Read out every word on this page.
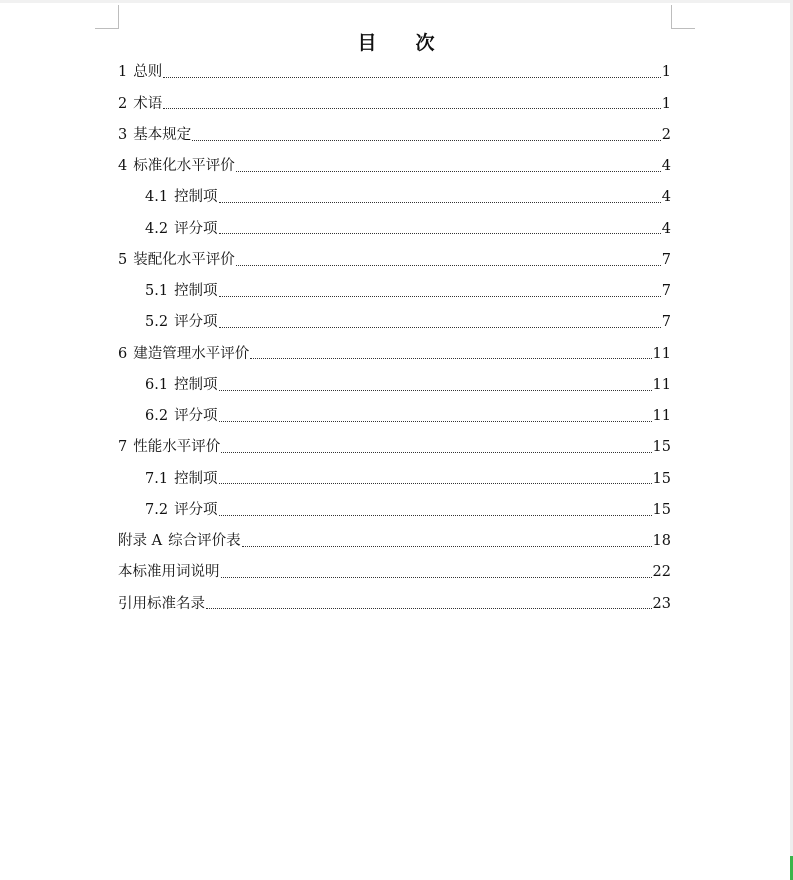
目 次
1 总则	1
2 术语	1
3 基本规定	2
4 标准化水平评价	4
4.1 控制项	4
4.2 评分项	4
5 装配化水平评价	7
5.1 控制项	7
5.2 评分项	7
6 建造管理水平评价	11
6.1 控制项	11
6.2 评分项	11
7 性能水平评价	15
7.1 控制项	15
7.2 评分项	15
附录 A 综合评价表	18
本标准用词说明	22
引用标准名录	23
